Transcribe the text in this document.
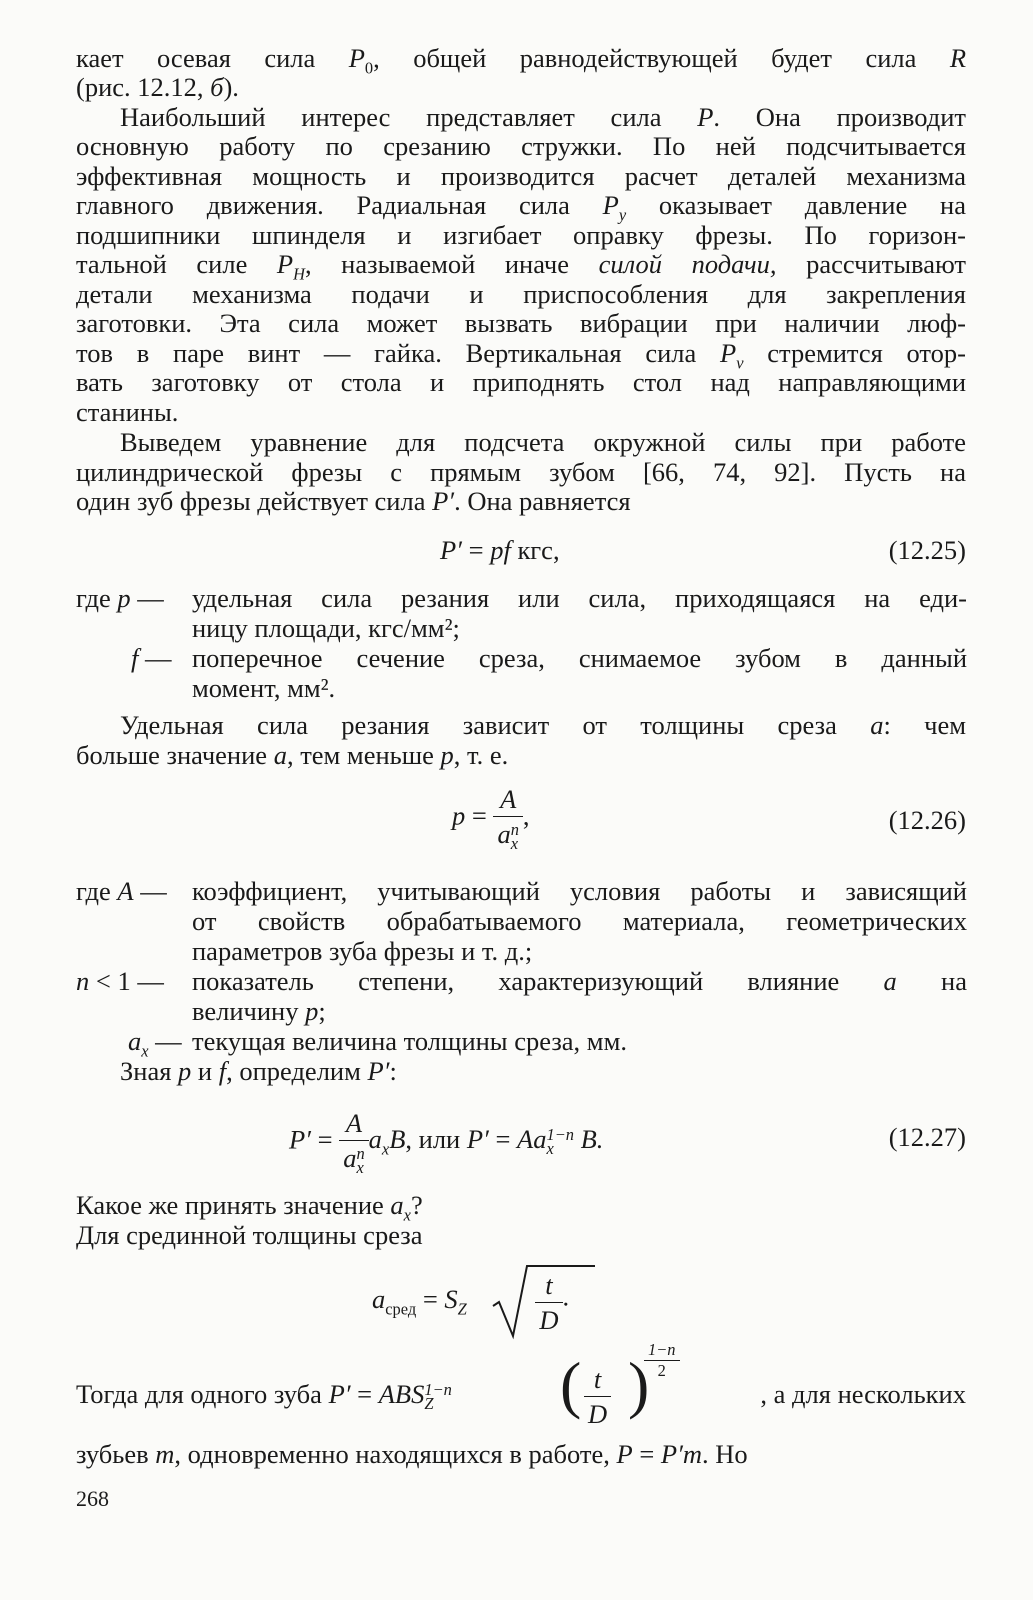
кает осевая сила $P_0$, общей равнодействующей будет сила R
(рис. 12.12, б).
Наибольший интерес представляет сила P. Она производит
основную работу по срезанию стружки. По ней подсчитывается
эффективная мощность и производится расчет деталей механизма
главного движения. Радиальная сила $P_y$ оказывает давление на
подшипники шпинделя и изгибает оправку фрезы. По горизон-
тальной силе $P_H$, называемой иначе силой подачи, рассчитывают
детали механизма подачи и приспособления для закрепления
заготовки. Эта сила может вызвать вибрации при наличии люф-
тов в паре винт — гайка. Вертикальная сила $P_v$ стремится отор-
вать заготовку от стола и приподнять стол над направляющими
станины.
Выведем уравнение для подсчета окружной силы при работе
цилиндрической фрезы с прямым зубом [66, 74, 92]. Пусть на
один зуб фрезы действует сила P′. Она равняется
P′ = pf кгс,	(12.25)
где p — удельная сила резания или сила, приходящаяся на еди-
ницу площади, кгс/мм²;
f — поперечное сечение среза, снимаемое зубом в данный
момент, мм².
Удельная сила резания зависит от толщины среза a: чем
больше значение a, тем меньше p, т. е.
p = A
a n
x ,	(12.26)
где A — коэффициент, учитывающий условия работы и зависящий
от свойств обрабатываемого материала, геометрических
параметров зуба фрезы и т. д.;
n < 1 — показатель степени, характеризующий влияние a на
величину p;
$a_x$ — текущая величина толщины среза, мм.
Зная p и f, определим P′:
P′ = A
a n
x $a_xB$, или P′ = Aa 1−n
x B.	(12.27)
Какое же принять значение $a_x$?
Для срединной толщины среза
$a_{сред} = S_Z$	$\frac{t}{D}$ .
Тогда для одного зуба P′ = ABS 1−n
Z ( $\frac{t}{D}$ )
$\frac{1-n}{2}$
, а для нескольких
зубьев m, одновременно находящихся в работе, P = P′m. Но
268
